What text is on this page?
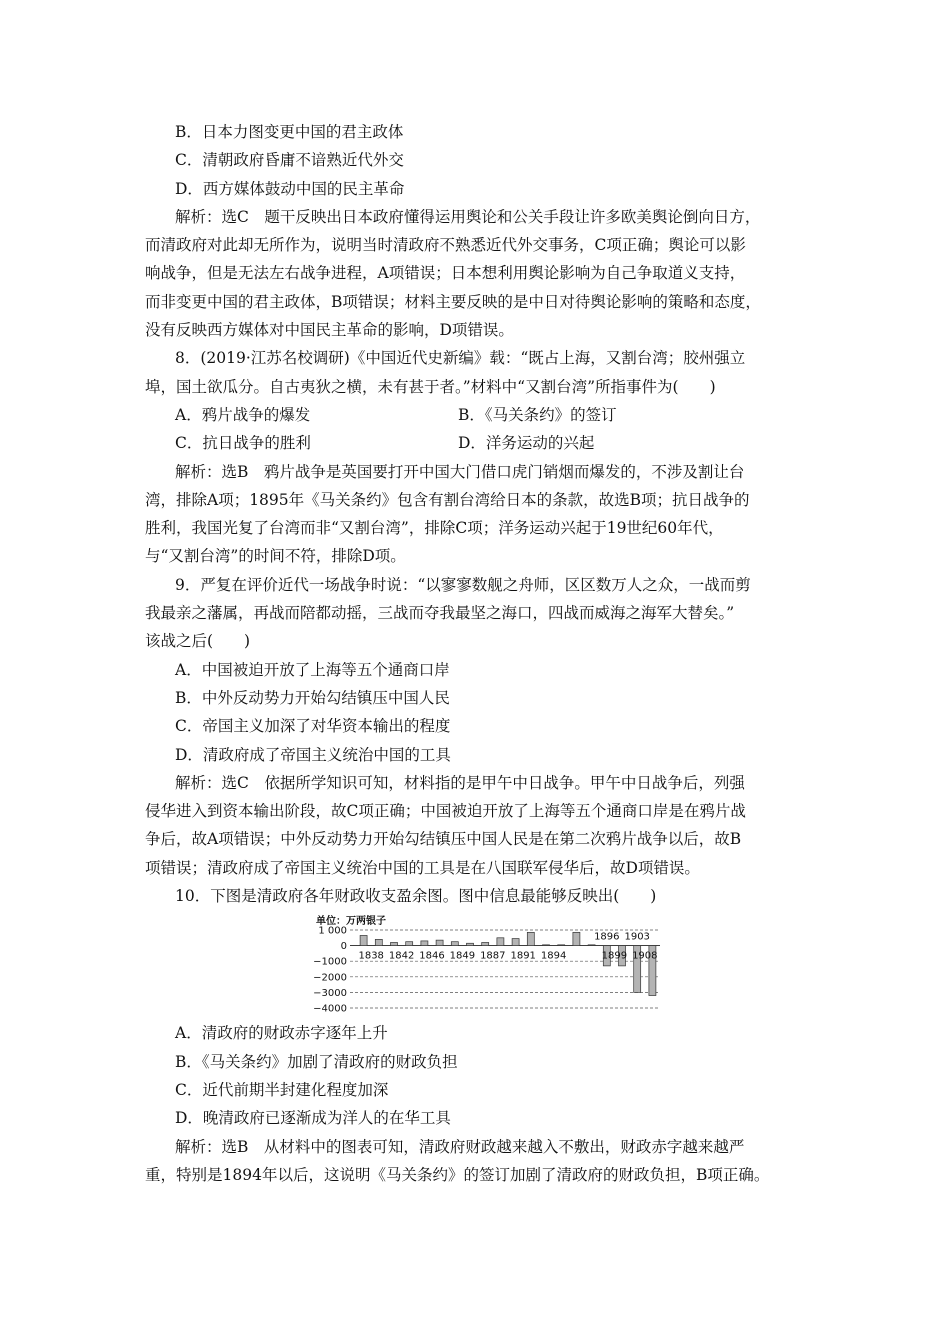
B．日本力图变更中国的君主政体
C．清朝政府昏庸不谙熟近代外交
D．西方媒体鼓动中国的民主革命
解析：选C　题干反映出日本政府懂得运用舆论和公关手段让许多欧美舆论倒向日方，
而清政府对此却无所作为，说明当时清政府不熟悉近代外交事务，C项正确；舆论可以影
响战争，但是无法左右战争进程，A项错误；日本想利用舆论影响为自己争取道义支持，
而非变更中国的君主政体，B项错误；材料主要反映的是中日对待舆论影响的策略和态度，
没有反映西方媒体对中国民主革命的影响，D项错误。
8．(2019·江苏名校调研)《中国近代史新编》载：“既占上海，又割台湾；胶州强立
埠，国土欲瓜分。自古夷狄之横，未有甚于者。”材料中“又割台湾”所指事件为(　　)
A．鸦片战争的爆发	B．《马关条约》的签订
C．抗日战争的胜利	D．洋务运动的兴起
解析：选B　鸦片战争是英国要打开中国大门借口虎门销烟而爆发的，不涉及割让台
湾，排除A项；1895年《马关条约》包含有割台湾给日本的条款，故选B项；抗日战争的
胜利，我国光复了台湾而非“又割台湾”，排除C项；洋务运动兴起于19世纪60年代，
与“又割台湾”的时间不符，排除D项。
9．严复在评价近代一场战争时说：“以寥寥数舰之舟师，区区数万人之众，一战而剪
我最亲之藩属，再战而陪都动摇，三战而夺我最坚之海口，四战而威海之海军大替矣。”
该战之后(　　)
A．中国被迫开放了上海等五个通商口岸
B．中外反动势力开始勾结镇压中国人民
C．帝国主义加深了对华资本输出的程度
D．清政府成了帝国主义统治中国的工具
解析：选C　依据所学知识可知，材料指的是甲午中日战争。甲午中日战争后，列强
侵华进入到资本输出阶段，故C项正确；中国被迫开放了上海等五个通商口岸是在鸦片战
争后，故A项错误；中外反动势力开始勾结镇压中国人民是在第二次鸦片战争以后，故B
项错误；清政府成了帝国主义统治中国的工具是在八国联军侵华后，故D项错误。
10．下图是清政府各年财政收支盈余图。图中信息最能够反映出(　　)
单位：万两银子
1 000
0
−1000
−2000
−3000
−4000
1838 1842 1846 1849 1887 1891 1894
1896
1899
1903
1908
A．清政府的财政赤字逐年上升
B．《马关条约》加剧了清政府的财政负担
C．近代前期半封建化程度加深
D．晚清政府已逐渐成为洋人的在华工具
解析：选B　从材料中的图表可知，清政府财政越来越入不敷出，财政赤字越来越严
重，特别是1894年以后，这说明《马关条约》的签订加剧了清政府的财政负担，B项正确。
